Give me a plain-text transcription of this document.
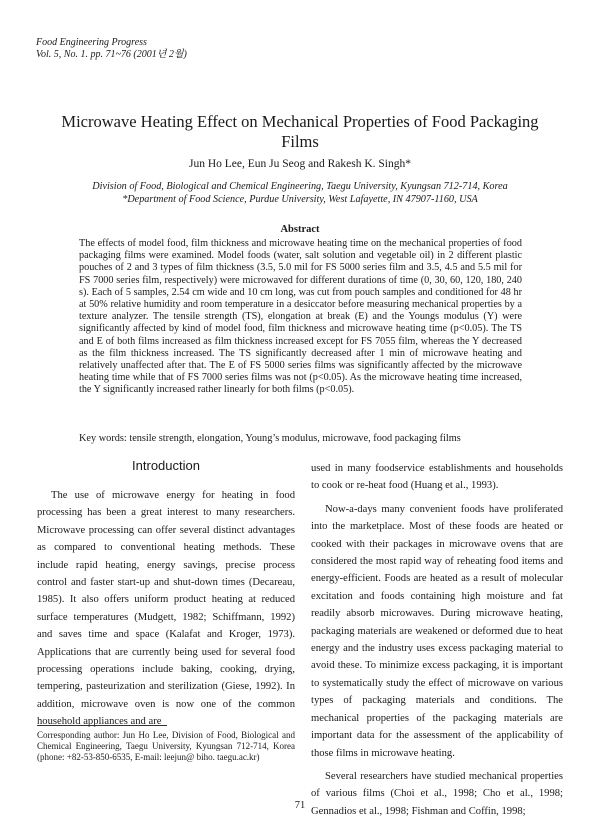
Food Engineering Progress
Vol. 5, No. 1. pp. 71~76 (2001년 2월)
Microwave Heating Effect on Mechanical Properties of Food Packaging Films
Jun Ho Lee, Eun Ju Seog and Rakesh K. Singh*
Division of Food, Biological and Chemical Engineering, Taegu University, Kyungsan 712-714, Korea
*Department of Food Science, Purdue University, West Lafayette, IN 47907-1160, USA
Abstract
The effects of model food, film thickness and microwave heating time on the mechanical properties of food packaging films were examined. Model foods (water, salt solution and vegetable oil) in 2 different plastic pouches of 2 and 3 types of film thickness (3.5, 5.0 mil for FS 5000 series film and 3.5, 4.5 and 5.5 mil for FS 7000 series film, respectively) were microwaved for different durations of time (0, 30, 60, 120, 180, 240 s). Each of 5 samples, 2.54 cm wide and 10 cm long, was cut from pouch samples and conditioned for 48 hr at 50% relative humidity and room temperature in a desiccator before measuring mechanical properties by a texture analyzer. The tensile strength (TS), elongation at break (E) and the Youngs modulus (Y) were significantly affected by kind of model food, film thickness and microwave heating time (p<0.05). The TS and E of both films increased as film thickness increased except for FS 7055 film, whereas the Y decreased as the film thickness increased. The TS significantly decreased after 1 min of microwave heating and relatively unaffected after that. The E of FS 5000 series films was significantly affected by the microwave heating time while that of FS 7000 series films was not (p<0.05). As the microwave heating time increased, the Y significantly increased rather linearly for both films (p<0.05).
Key words: tensile strength, elongation, Young’s modulus, microwave, food packaging films
Introduction

The use of microwave energy for heating in food processing has been a great interest to many researchers. Microwave processing can offer several distinct advantages as compared to conventional heating methods. These include rapid heating, energy savings, precise process control and faster start-up and shut-down times (Decareau, 1985). It also offers uniform product heating at reduced surface temperatures (Mudgett, 1982; Schiffmann, 1992) and saves time and space (Kalafat and Kroger, 1973). Applications that are currently being used for several food processing operations include baking, cooking, drying, tempering, pasteurization and sterilization (Giese, 1992). In addition, microwave oven is now one of the common household appliances and are

used in many foodservice establishments and households to cook or re-heat food (Huang et al., 1993).

Now-a-days many convenient foods have proliferated into the marketplace. Most of these foods are heated or cooked with their packages in microwave ovens that are considered the most rapid way of reheating food items and energy-efficient. Foods are heated as a result of molecular excitation and foods containing high moisture and fat readily absorb microwaves. During microwave heating, packaging materials are weakened or deformed due to heat energy and the industry uses excess packaging material to avoid these. To minimize excess packaging, it is important to systematically study the effect of microwave on various types of packaging materials and conditions. The mechanical properties of the packaging materials are important data for the assessment of the applicability of those films in microwave heating.

Several researchers have studied mechanical properties of various films (Choi et al., 1998; Cho et al., 1998; Gennadios et al., 1998; Fishman and Coffin, 1998;

Corresponding author: Jun Ho Lee, Division of Food, Biological and Chemical Engineering, Taegu University, Kyungsan 712-714, Korea (phone: +82-53-850-6535, E-mail: leejun@ biho. taegu.ac.kr)
71
